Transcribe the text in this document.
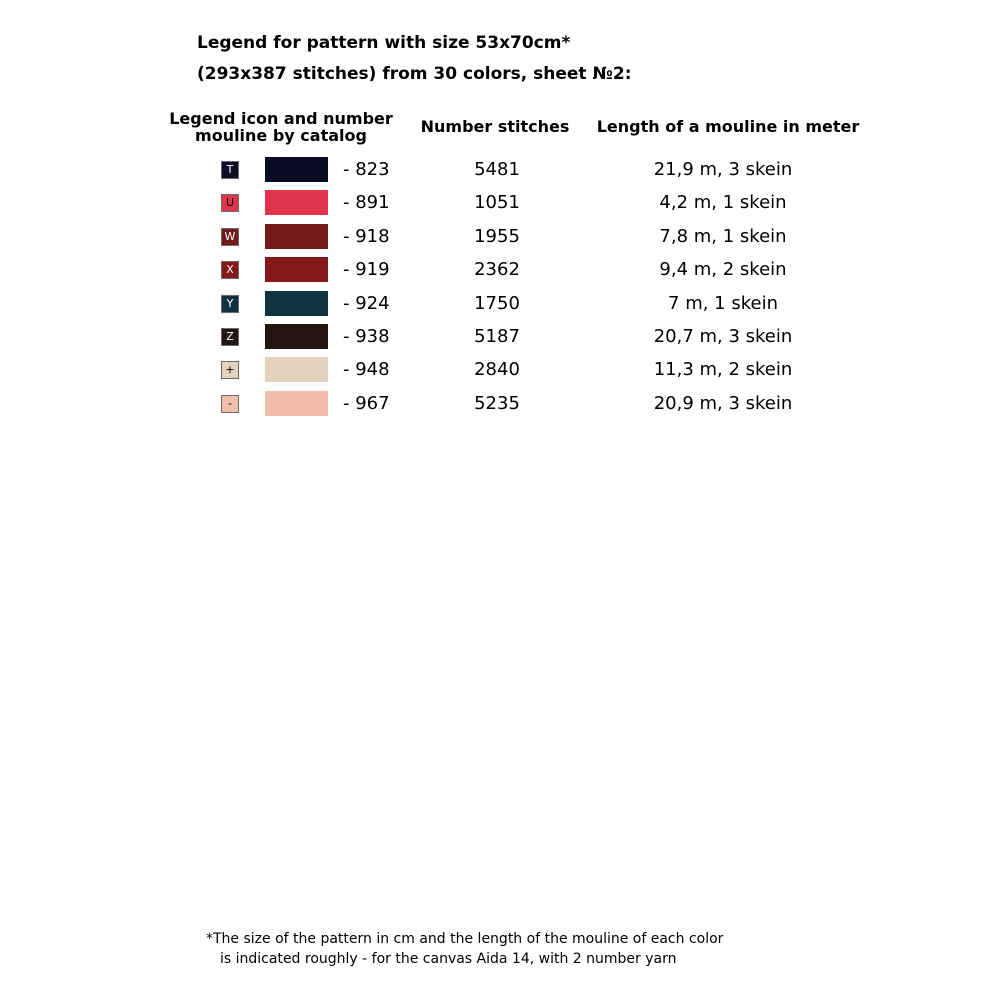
Legend for pattern with size 53x70cm*
(293x387 stitches) from 30 colors, sheet №2:
Legend icon and number
mouline by catalog	Number stitches	Length of a mouline in meter
T	- 823	5481	21,9 m, 3 skein
U	- 891	1051	4,2 m, 1 skein
W	- 918	1955	7,8 m, 1 skein
X	- 919	2362	9,4 m, 2 skein
Y	- 924	1750	7 m, 1 skein
Z	- 938	5187	20,7 m, 3 skein
+	- 948	2840	11,3 m, 2 skein
-	- 967	5235	20,9 m, 3 skein
*The size of the pattern in cm and the length of the mouline of each color
is indicated roughly - for the canvas Aida 14, with 2 number yarn
